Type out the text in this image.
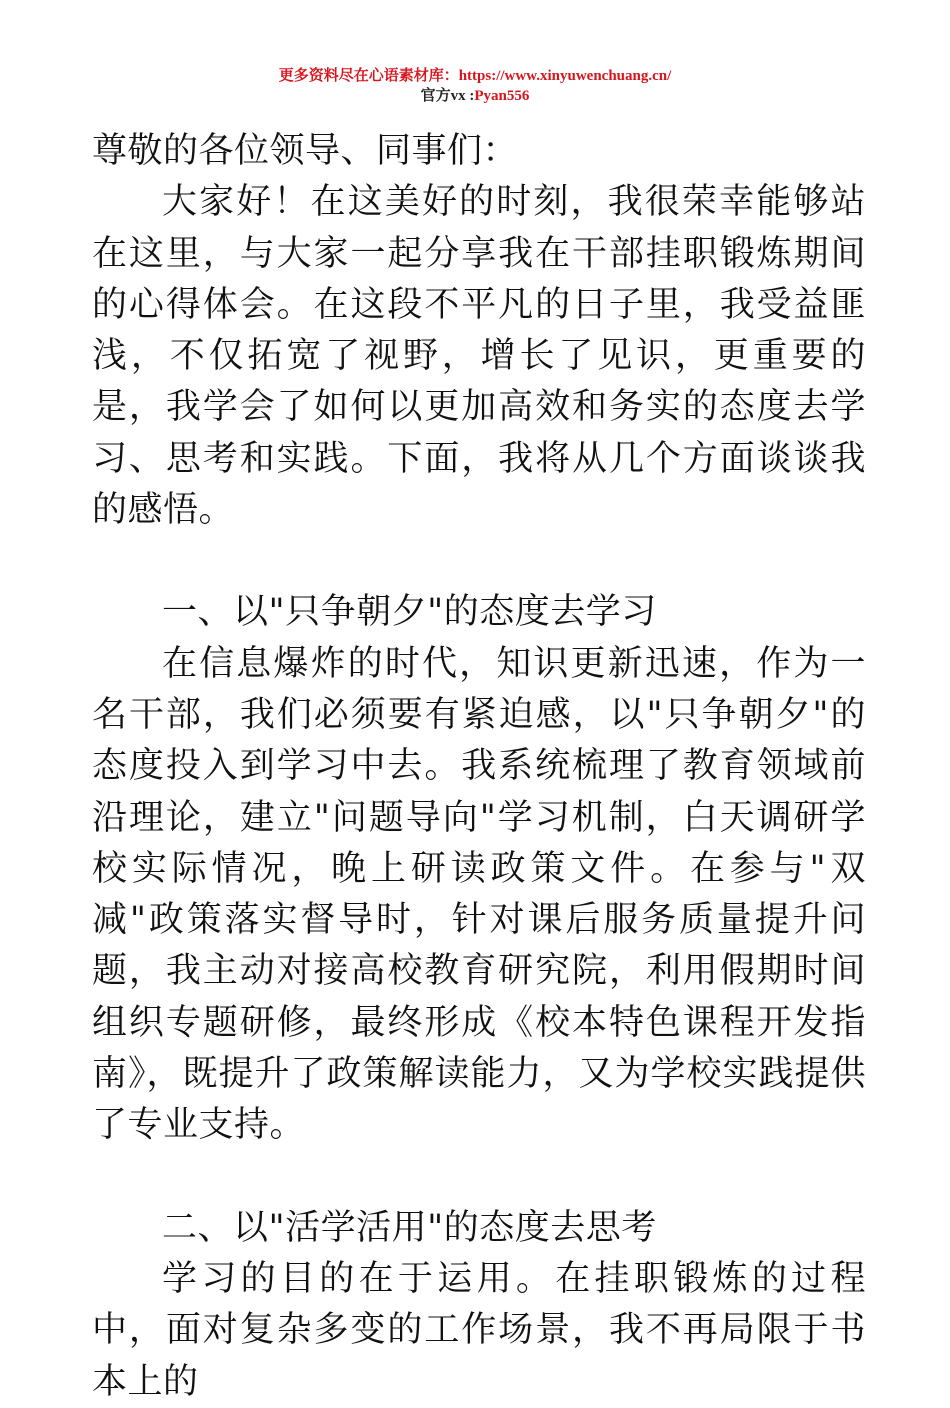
更多资料尽在心语素材库：https://www.xinyuwenchuang.cn/
官方vx :Pyan556

尊敬的各位领导、同事们：

大家好！在这美好的时刻，我很荣幸能够站在这里，与大家一起分享我在干部挂职锻炼期间的心得体会。在这段不平凡的日子里，我受益匪浅，不仅拓宽了视野，增长了见识，更重要的是，我学会了如何以更加高效和务实的态度去学习、思考和实践。下面，我将从几个方面谈谈我的感悟。

一、以"只争朝夕"的态度去学习

在信息爆炸的时代，知识更新迅速，作为一名干部，我们必须要有紧迫感，以"只争朝夕"的态度投入到学习中去。我系统梳理了教育领域前沿理论，建立"问题导向"学习机制，白天调研学校实际情况，晚上研读政策文件。在参与"双减"政策落实督导时，针对课后服务质量提升问题，我主动对接高校教育研究院，利用假期时间组织专题研修，最终形成《校本特色课程开发指南》，既提升了政策解读能力，又为学校实践提供了专业支持。

二、以"活学活用"的态度去思考

学习的目的在于运用。在挂职锻炼的过程中，面对复杂多变的工作场景，我不再局限于书本上的
